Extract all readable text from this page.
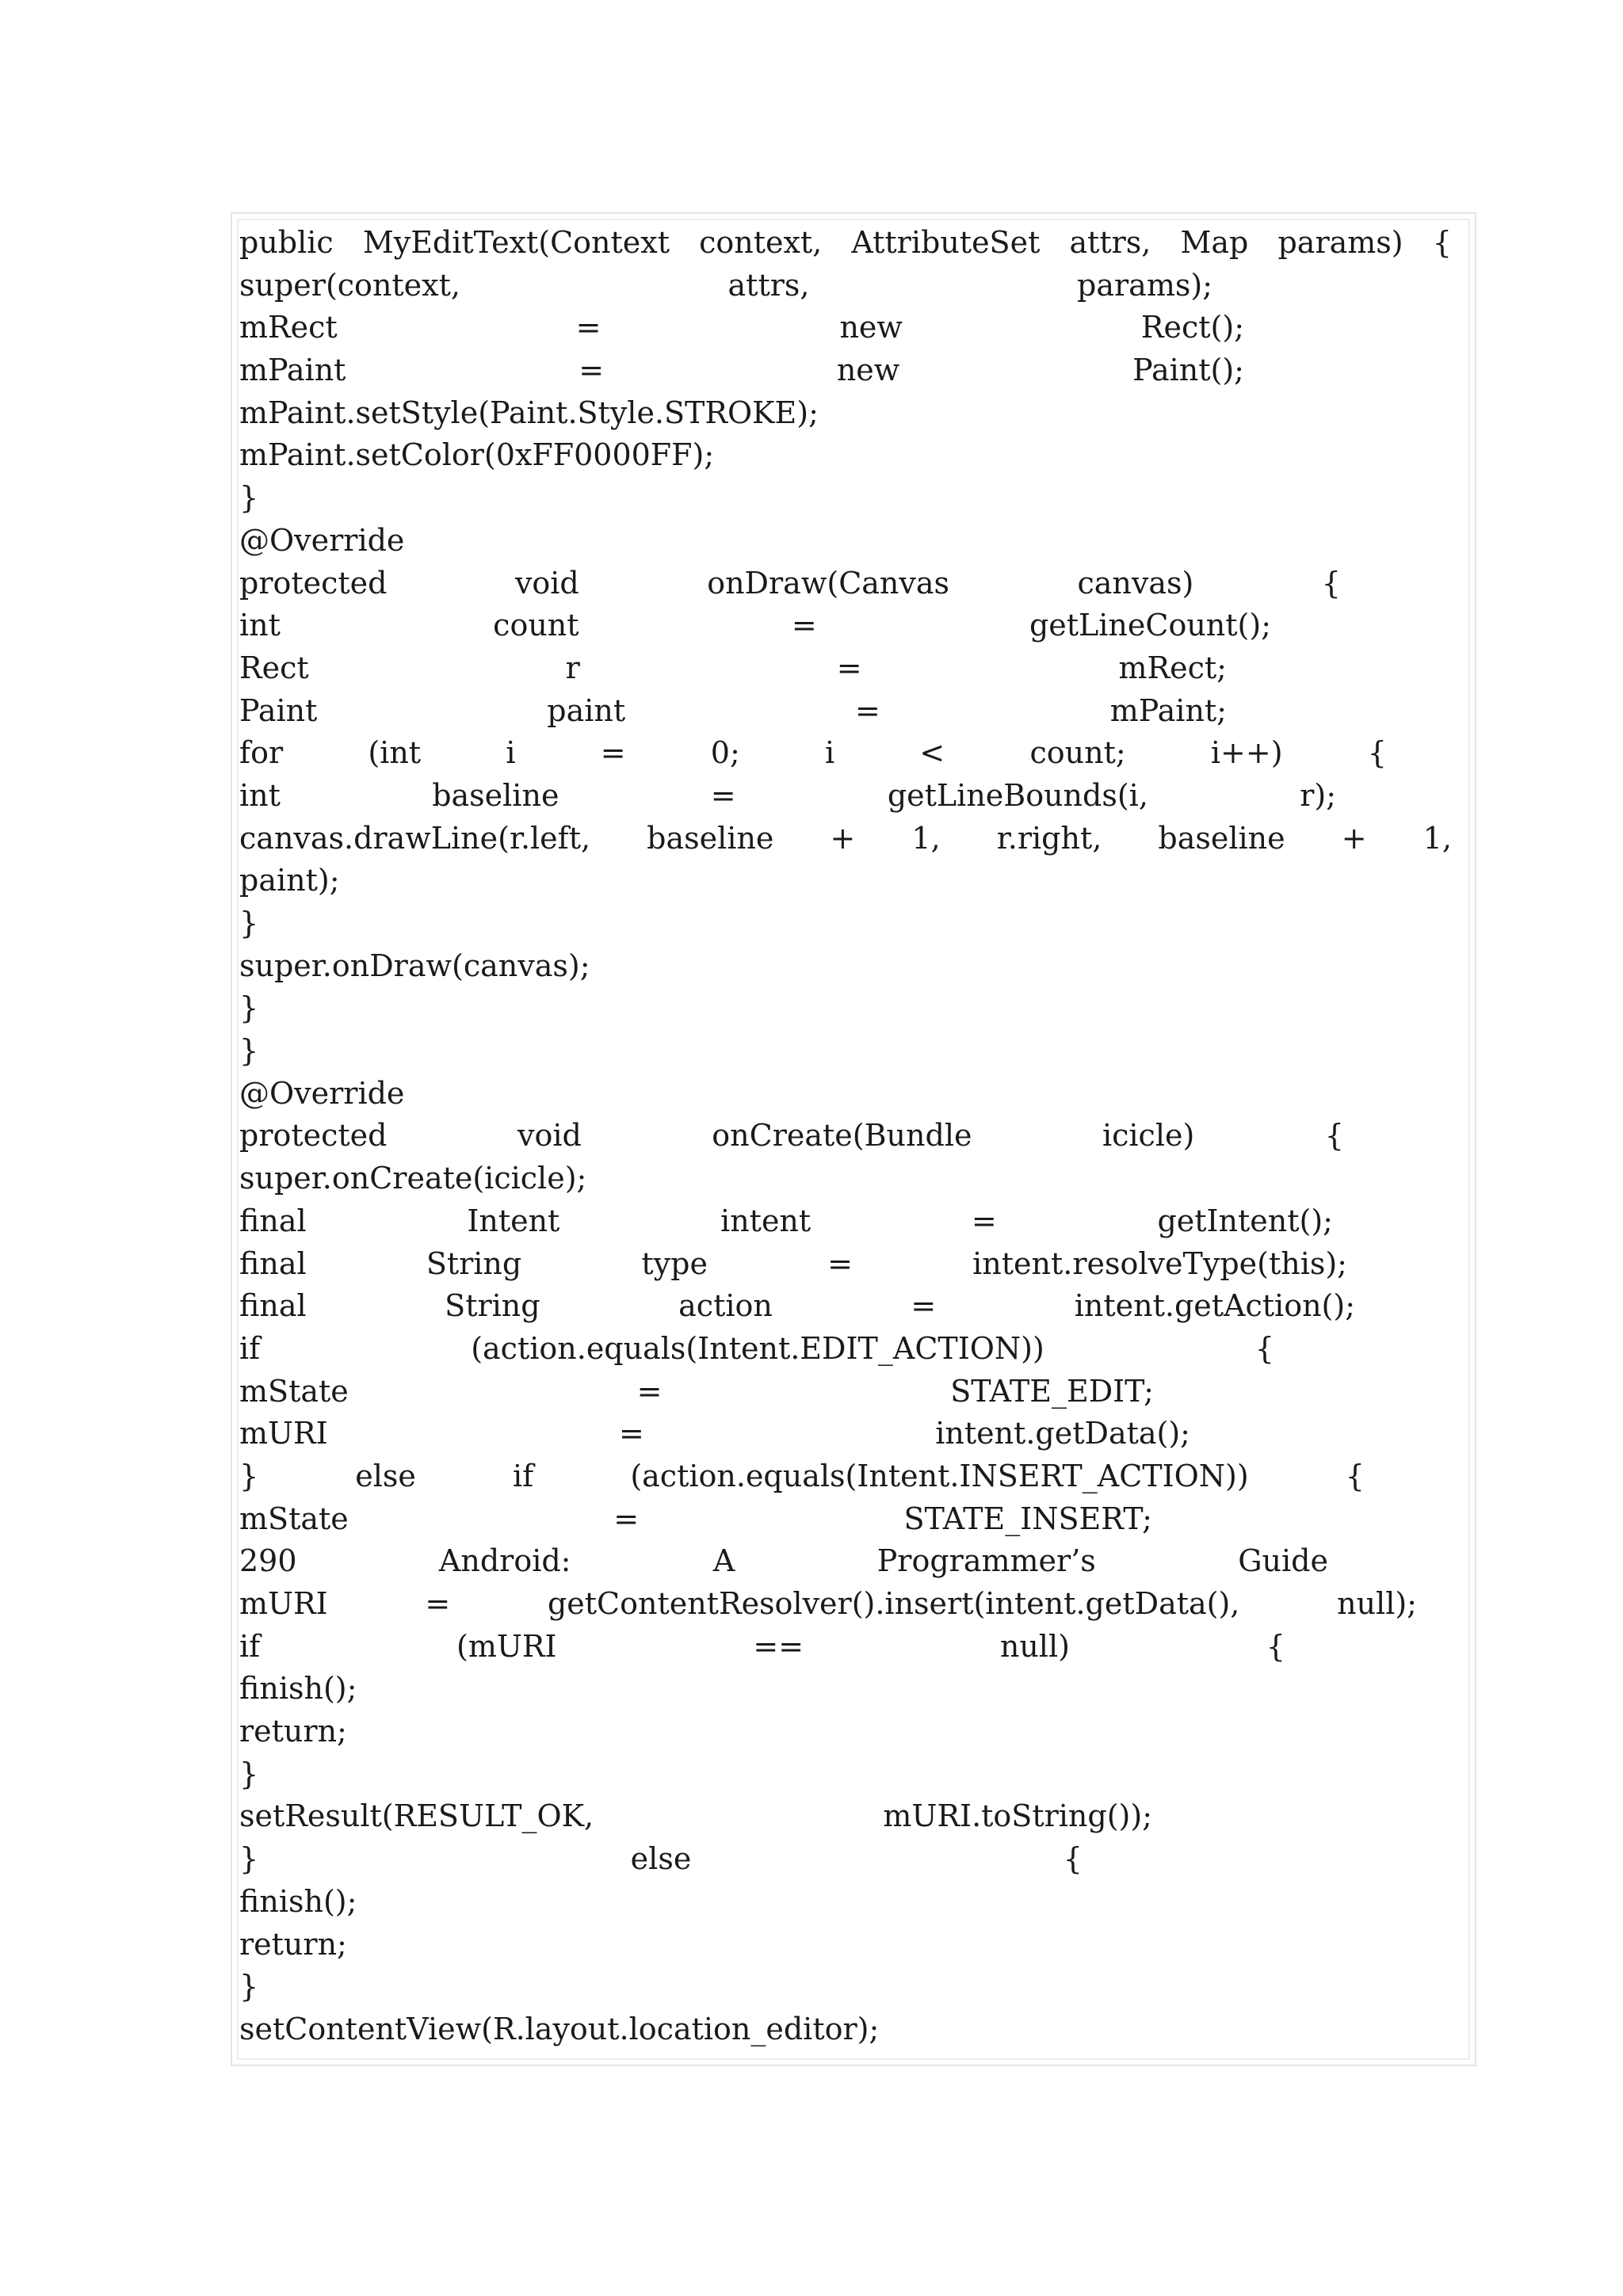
public MyEditText(Context context, AttributeSet attrs, Map params) {
super(context,	attrs,	params);
mRect	=	new	Rect();
mPaint	=	new	Paint();
mPaint.setStyle(Paint.Style.STROKE);
mPaint.setColor(0xFF0000FF);
}
@Override
protected	void	onDraw(Canvas	canvas)	{
int	count	=	getLineCount();
Rect	r	=	mRect;
Paint	paint	=	mPaint;
for	(int	i	=	0;	i	<	count;	i++)	{
int	baseline	=	getLineBounds(i,	r);
canvas.drawLine(r.left, baseline + 1, r.right, baseline + 1,
paint);
}
super.onDraw(canvas);
}
}
@Override
protected	void	onCreate(Bundle	icicle)	{
super.onCreate(icicle);
final	Intent	intent	=	getIntent();
final	String	type	=	intent.resolveType(this);
final	String	action	=	intent.getAction();
if	(action.equals(Intent.EDIT_ACTION))	{
mState	=	STATE_EDIT;
mURI	=	intent.getData();
}	else	if	(action.equals(Intent.INSERT_ACTION))	{
mState	=	STATE_INSERT;
290	Android:	A	Programmer’s	Guide
mURI	=	getContentResolver().insert(intent.getData(),	null);
if	(mURI	==	null)	{
finish();
return;
}
setResult(RESULT_OK,	mURI.toString());
}	else	{
finish();
return;
}
setContentView(R.layout.location_editor);
